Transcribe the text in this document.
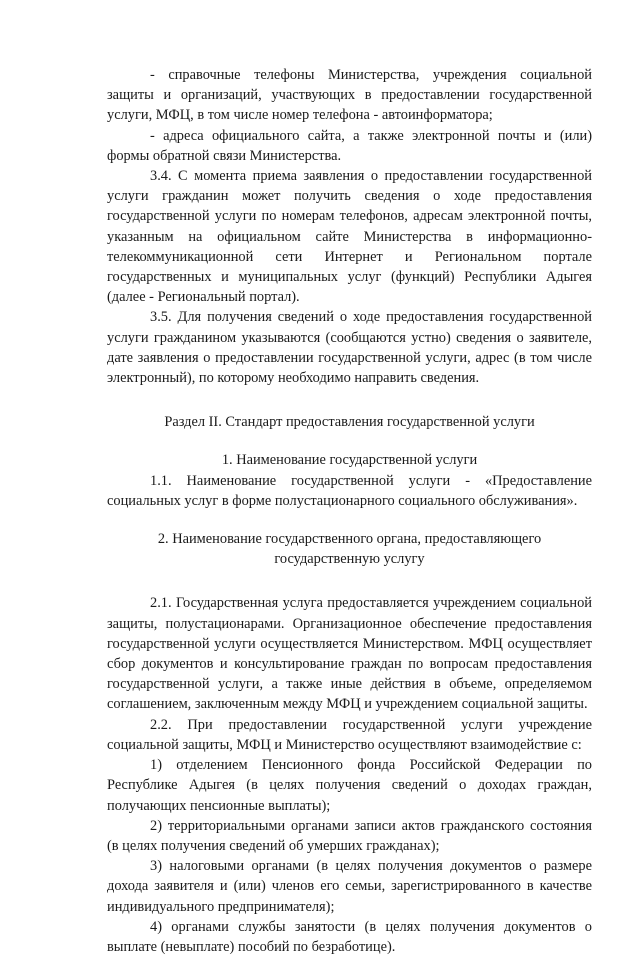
- справочные телефоны Министерства, учреждения социальной защиты и организаций, участвующих в предоставлении государственной услуги, МФЦ, в том числе номер телефона - автоинформатора;

- адреса официального сайта, а также электронной почты и (или) формы обратной связи Министерства.

3.4. С момента приема заявления о предоставлении государственной услуги гражданин может получить сведения о ходе предоставления государственной услуги по номерам телефонов, адресам электронной почты, указанным на официальном сайте Министерства в информационно-телекоммуникационной сети Интернет и Региональном портале государственных и муниципальных услуг (функций) Республики Адыгея (далее - Региональный портал).

3.5. Для получения сведений о ходе предоставления государственной услуги гражданином указываются (сообщаются устно) сведения о заявителе, дате заявления о предоставлении государственной услуги, адрес (в том числе электронный), по которому необходимо направить сведения.

Раздел II. Стандарт предоставления государственной услуги

1. Наименование государственной услуги

1.1. Наименование государственной услуги - «Предоставление социальных услуг в форме полустационарного социального обслуживания».

2. Наименование государственного органа, предоставляющего государственную услугу

2.1. Государственная услуга предоставляется учреждением социальной защиты, полустационарами. Организационное обеспечение предоставления государственной услуги осуществляется Министерством. МФЦ осуществляет сбор документов и консультирование граждан по вопросам предоставления государственной услуги, а также иные действия в объеме, определяемом соглашением, заключенным между МФЦ и учреждением социальной защиты.

2.2. При предоставлении государственной услуги учреждение социальной защиты, МФЦ и Министерство осуществляют взаимодействие с:

1) отделением Пенсионного фонда Российской Федерации по Республике Адыгея (в целях получения сведений о доходах граждан, получающих пенсионные выплаты);

2) территориальными органами записи актов гражданского состояния (в целях получения сведений об умерших гражданах);

3) налоговыми органами (в целях получения документов о размере дохода заявителя и (или) членов его семьи, зарегистрированного в качестве индивидуального предпринимателя);

4) органами службы занятости (в целях получения документов о выплате (невыплате) пособий по безработице).
